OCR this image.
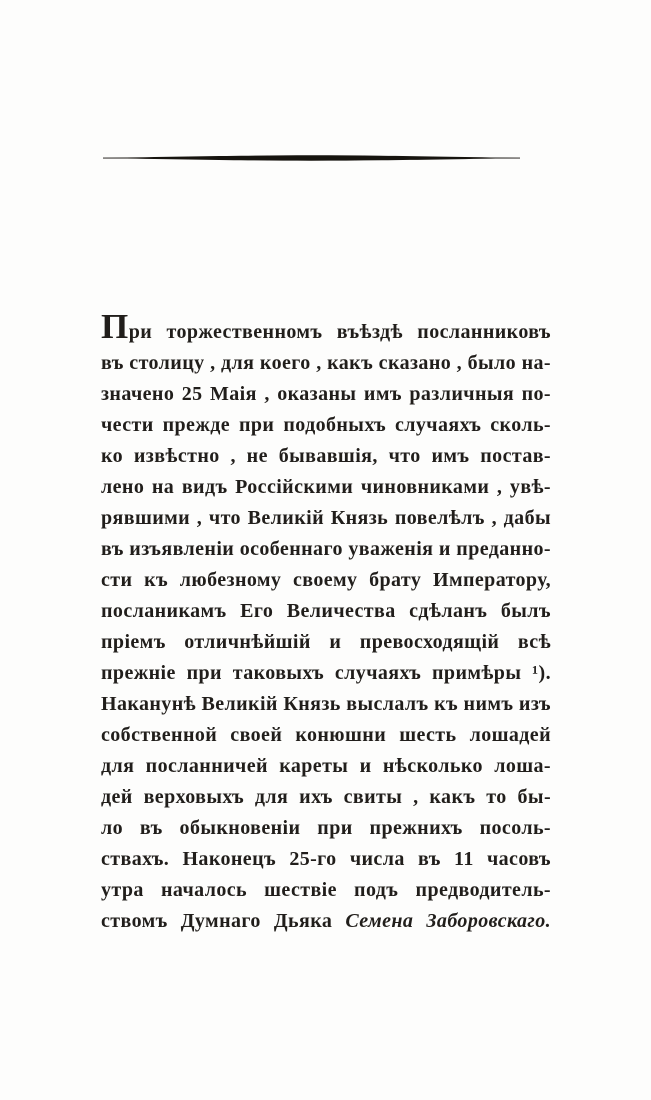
При торжественномъ въѣздѣ посланниковъ
въ столицу , для коего , какъ сказано , было на-
значено 25 Маія , оказаны имъ различныя по-
чести прежде при подобныхъ случаяхъ сколь-
ко извѣстно , не бывавшія, что имъ постав-
лено на видъ Россійскими чиновниками , увѣ-
рявшими , что Великій Князь повелѣлъ , дабы
въ изъявленіи особеннаго уваженія и преданно-
сти къ любезному своему брату Императору,
посланикамъ Его Величества сдѣланъ былъ
пріемъ отличнѣйшій и превосходящій всѣ
прежніе при таковыхъ случаяхъ примѣры ¹).
Наканунѣ Великій Князь выслалъ къ нимъ изъ
собственной своей конюшни шесть лошадей
для посланничей кареты и нѣсколько лоша-
дей верховыхъ для ихъ свиты , какъ то бы-
ло въ обыкновеніи при прежнихъ посоль-
ствахъ. Наконецъ 25-го числа въ 11 часовъ
утра началось шествіе подъ предводитель-
ствомъ Думнаго Дьяка Семена Заборовскаго.
